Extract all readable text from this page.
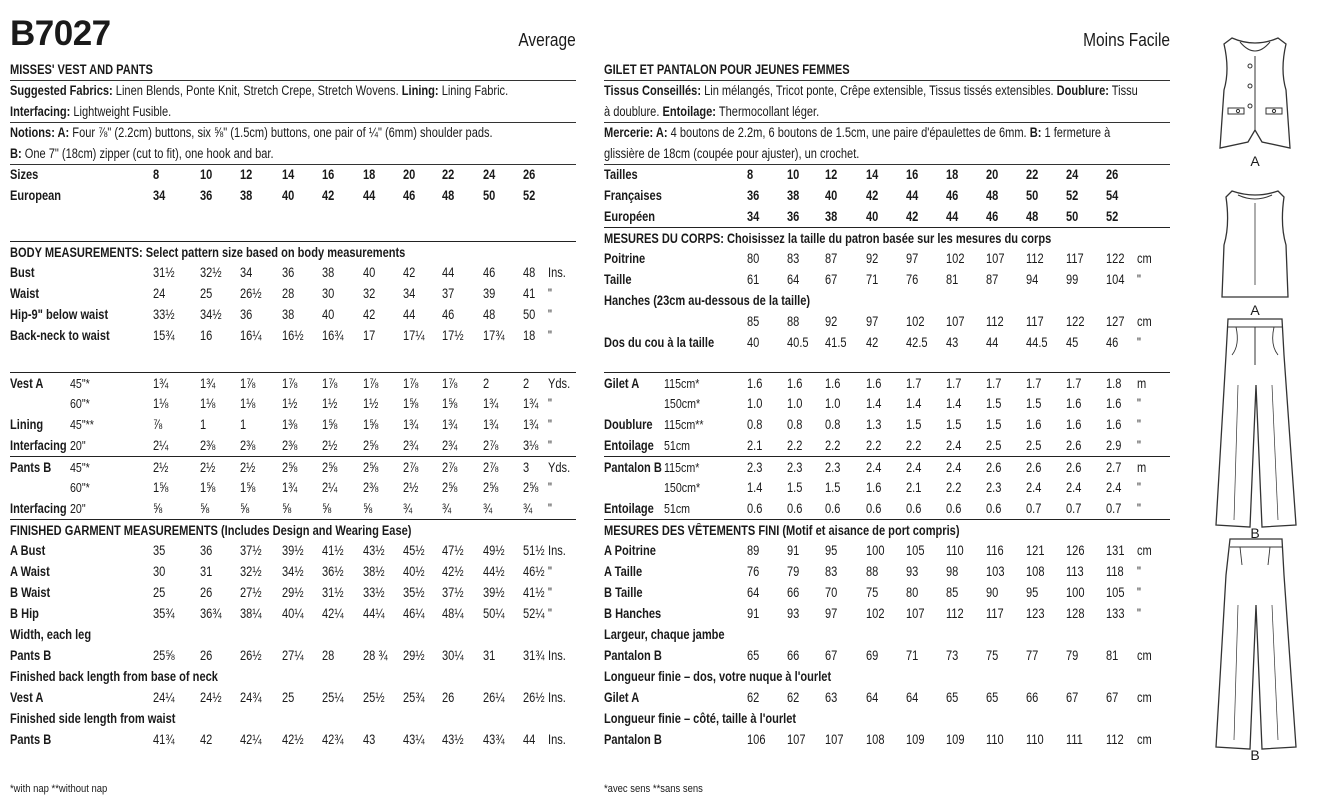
B7027	Average
MISSES' VEST AND PANTS
Suggested Fabrics: Linen Blends, Ponte Knit, Stretch Crepe, Stretch Wovens. Lining: Lining Fabric.
Interfacing: Lightweight Fusible.
Notions: A: Four ⅞" (2.2cm) buttons, six ⅝" (1.5cm) buttons, one pair of ¼" (6mm) shoulder pads.
B: One 7" (18cm) zipper (cut to fit), one hook and bar.
Sizes	8	10 12 14 16 18 20 22 24 26
European	34	36 38 40 42 44 46 48 50 52
BODY MEASUREMENTS: Select pattern size based on body measurements
Bust	31½ 32½ 34 36 38 40 42 44 46 48 Ins.
Waist	24	25 26½ 28 30 32 34 37 39 41 "
Hip-9" below waist	33½ 34½ 36 38 40 42 44 46 48 50 "
Back-neck to waist	15¾ 16 16¼ 16½ 16¾ 17 17¼ 17½ 17¾ 18 "
Vest A 45"*	1¾ 1¾ 1⅞ 1⅞ 1⅞ 1⅞ 1⅞ 1⅞ 2	2 Yds.
60"*	1⅛ 1⅛ 1⅛ 1½ 1½ 1½ 1⅝ 1⅝ 1¾ 1¾ "
Lining 45"**	⅞	1	1	1⅜ 1⅝ 1⅝ 1¾ 1¾ 1¾ 1¾ "
Interfacing 20"	2¼ 2⅜ 2⅜ 2⅜ 2½ 2⅝ 2¾ 2¾ 2⅞ 3⅛ "
Pants B 45"*	2½ 2½ 2½ 2⅝ 2⅝ 2⅝ 2⅞ 2⅞ 2⅞ 3 Yds.
60"*	1⅝ 1⅝ 1⅝ 1¾ 2¼ 2⅜ 2½ 2⅝ 2⅝ 2⅝ "
Interfacing 20"	⅝	⅝ ⅝ ⅝ ⅝ ⅝ ¾ ¾ ¾ ¾ "
FINISHED GARMENT MEASUREMENTS (Includes Design and Wearing Ease)
A Bust	35	36 37½ 39½ 41½ 43½ 45½ 47½ 49½ 51½ Ins.
A Waist	30	31 32½ 34½ 36½ 38½ 40½ 42½ 44½ 46½ "
B Waist	25	26 27½ 29½ 31½ 33½ 35½ 37½ 39½ 41½ "
B Hip	35¾ 36¾ 38¼ 40¼ 42¼ 44¼ 46¼ 48¼ 50¼ 52¼ "
Width, each leg
Pants B	25⅝ 26 26½ 27¼ 28 28 ¾ 29½ 30¼ 31 31¾ Ins.
Finished back length from base of neck
Vest A	24¼ 24½ 24¾ 25 25¼ 25½ 25¾ 26 26¼ 26½ Ins.
Finished side length from waist
Pants B	41¾ 42 42¼ 42½ 42¾ 43 43¼ 43½ 43¾ 44 Ins.
*with nap **without nap
Moins Facile
GILET ET PANTALON POUR JEUNES FEMMES
Tissus Conseillés: Lin mélangés, Tricot ponte, Crêpe extensible, Tissus tissés extensibles. Doublure: Tissu
à doublure. Entoilage: Thermocollant léger.
Mercerie: A: 4 boutons de 2.2m, 6 boutons de 1.5cm, une paire d'épaulettes de 6mm. B: 1 fermeture à
glissière de 18cm (coupée pour ajuster), un crochet.
Tailles	8	10 12 14 16 18 20 22 24 26
Françaises	36 38 40 42 44 46 48 50 52 54
Européen	34 36 38 40 42 44 46 48 50 52
MESURES DU CORPS: Choisissez la taille du patron basée sur les mesures du corps
Poitrine	80 83 87 92 97 102 107 112 117 122 cm
Taille	61 64 67 71 76 81 87 94 99 104 "
Hanches (23cm au-dessous de la taille)
85 88 92 97 102 107 112 117 122 127 cm
Dos du cou à la taille 40 40.5 41.5 42 42.5 43 44 44.5 45 46 "
Gilet A 115cm*	1.6 1.6 1.6 1.6 1.7 1.7 1.7 1.7 1.7 1.8 m
150cm*	1.0 1.0 1.0 1.4 1.4 1.4 1.5 1.5 1.6 1.6 "
Doublure 115cm**	0.8 0.8 0.8 1.3 1.5 1.5 1.5 1.6 1.6 1.6 "
Entoilage 51cm	2.1 2.2 2.2 2.2 2.2 2.4 2.5 2.5 2.6 2.9 "
Pantalon B 115cm*	2.3 2.3 2.3 2.4 2.4 2.4 2.6 2.6 2.6 2.7 m
150cm*	1.4 1.5 1.5 1.6 2.1 2.2 2.3 2.4 2.4 2.4 "
Entoilage 51cm	0.6 0.6 0.6 0.6 0.6 0.6 0.6 0.7 0.7 0.7 "
MESURES DES VÊTEMENTS FINI (Motif et aisance de port compris)
A Poitrine	89 91 95 100 105 110 116 121 126 131 cm
A Taille	76 79 83 88 93 98 103 108 113 118 "
B Taille	64 66 70 75 80 85 90 95 100 105 "
B Hanches	91 93 97 102 107 112 117 123 128 133 "
Largeur, chaque jambe
Pantalon B	65 66 67 69 71 73 75 77 79 81 cm
Longueur finie – dos, votre nuque à l'ourlet
Gilet A	62 62 63 64 64 65 65 66 67 67 cm
Longueur finie – côté, taille à l'ourlet
Pantalon B	106 107 107 108 109 109 110 110 111 112 cm
*avec sens **sans sens
A
A
B
B
